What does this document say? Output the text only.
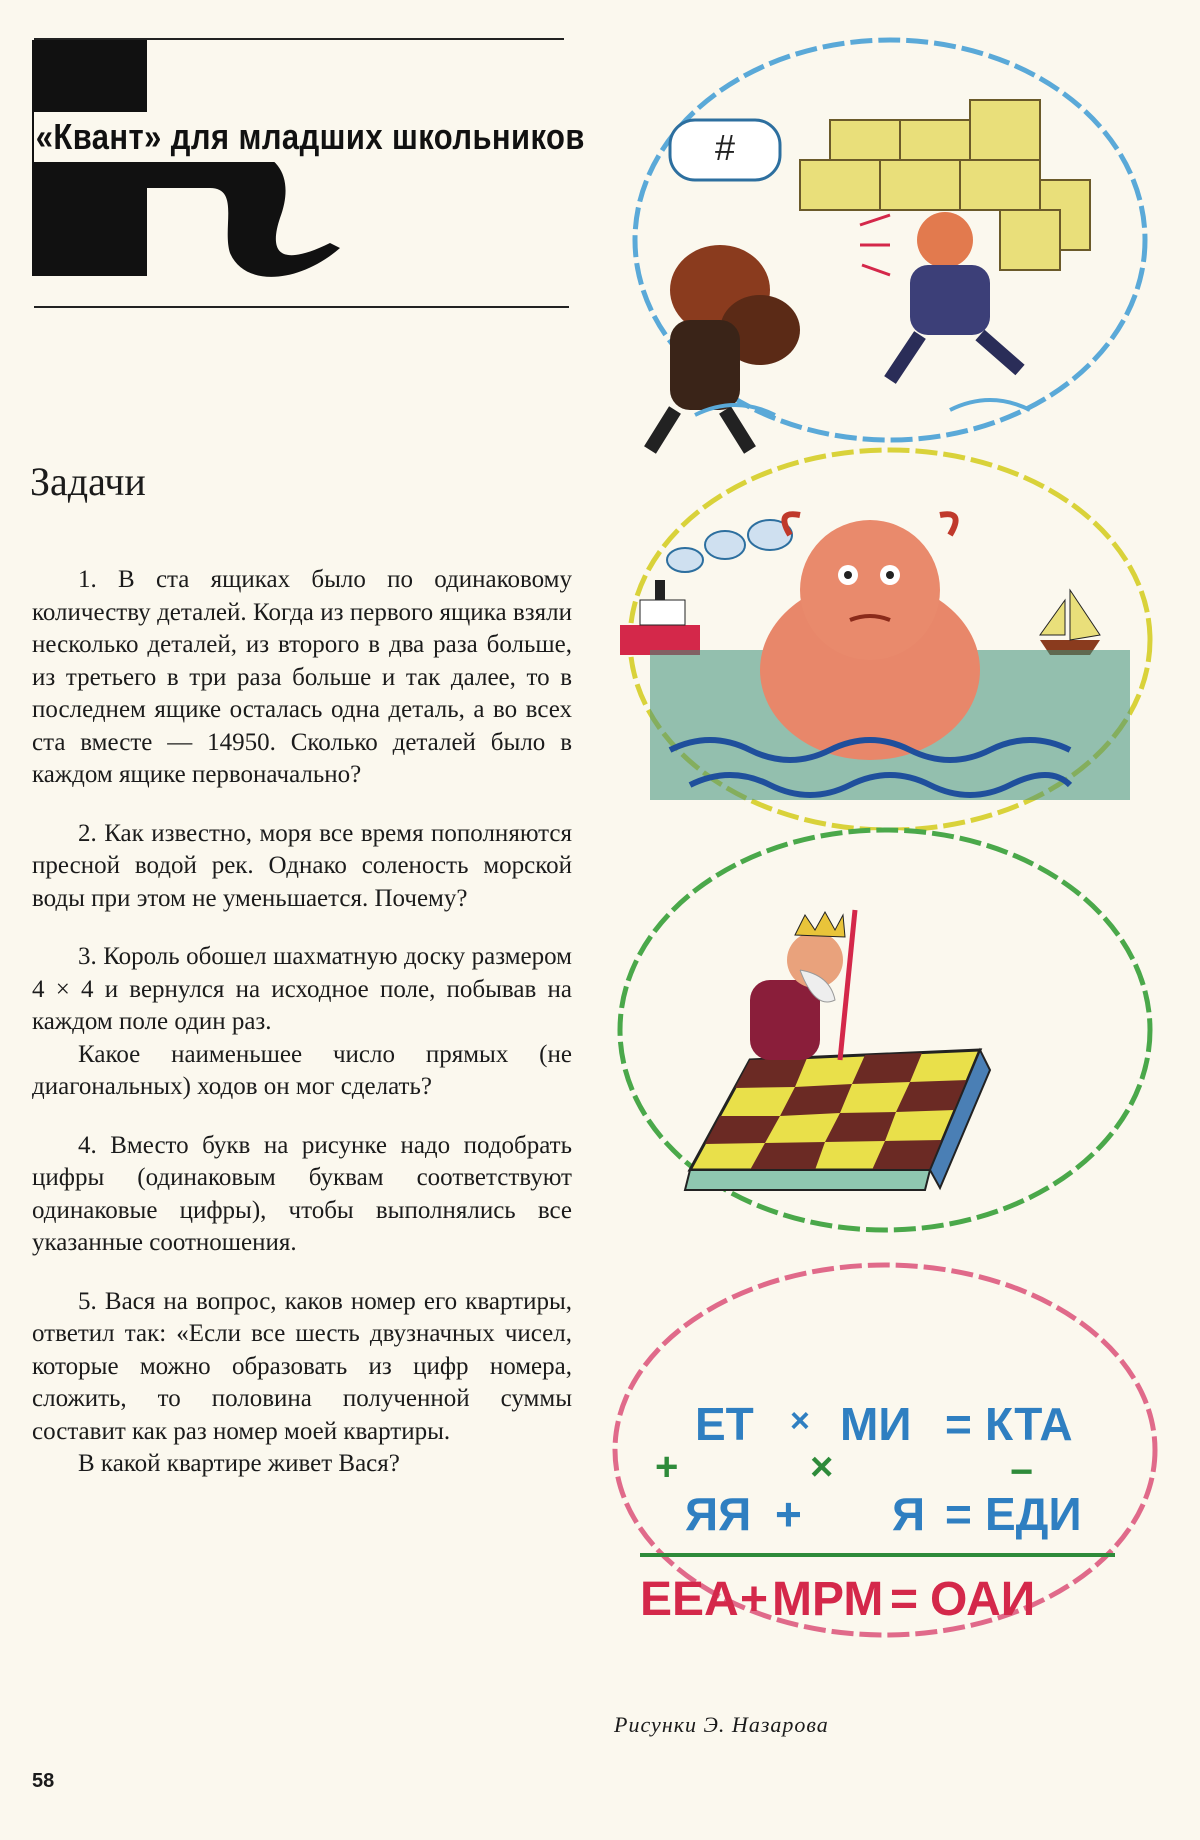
«Квант» для младших школьников
Задачи

1. В ста ящиках было по одинаковому количеству деталей. Когда из первого ящика взяли несколько деталей, из второго в два раза больше, из третьего в три раза больше и так далее, то в последнем ящике осталась одна деталь, а во всех ста вместе — 14950. Сколько деталей было в каждом ящике первоначально?

2. Как известно, моря все время пополняются пресной водой рек. Однако соленость морской воды при этом не уменьшается. Почему?

3. Король обошел шахматную доску размером 4 × 4 и вернулся на исходное поле, побывав на каждом поле один раз.

Какое наименьшее число прямых (не диагональных) ходов он мог сделать?

4. Вместо букв на рисунке надо подобрать цифры (одинаковым буквам соответствуют одинаковые цифры), чтобы выполнялись все указанные соотношения.

5. Вася на вопрос, каков номер его квартиры, ответил так: «Если все шесть двузначных чисел, которые можно образовать из цифр номера, сложить, то половина полученной суммы составит как раз номер моей квартиры.

В какой квартире живет Вася?

#
ЕТ × МИ = КТА
+	×	−
ЯЯ + Я = ЕДИ
ЕЕА + МРМ = ОАИ
Рисунки Э. Назарова
58
